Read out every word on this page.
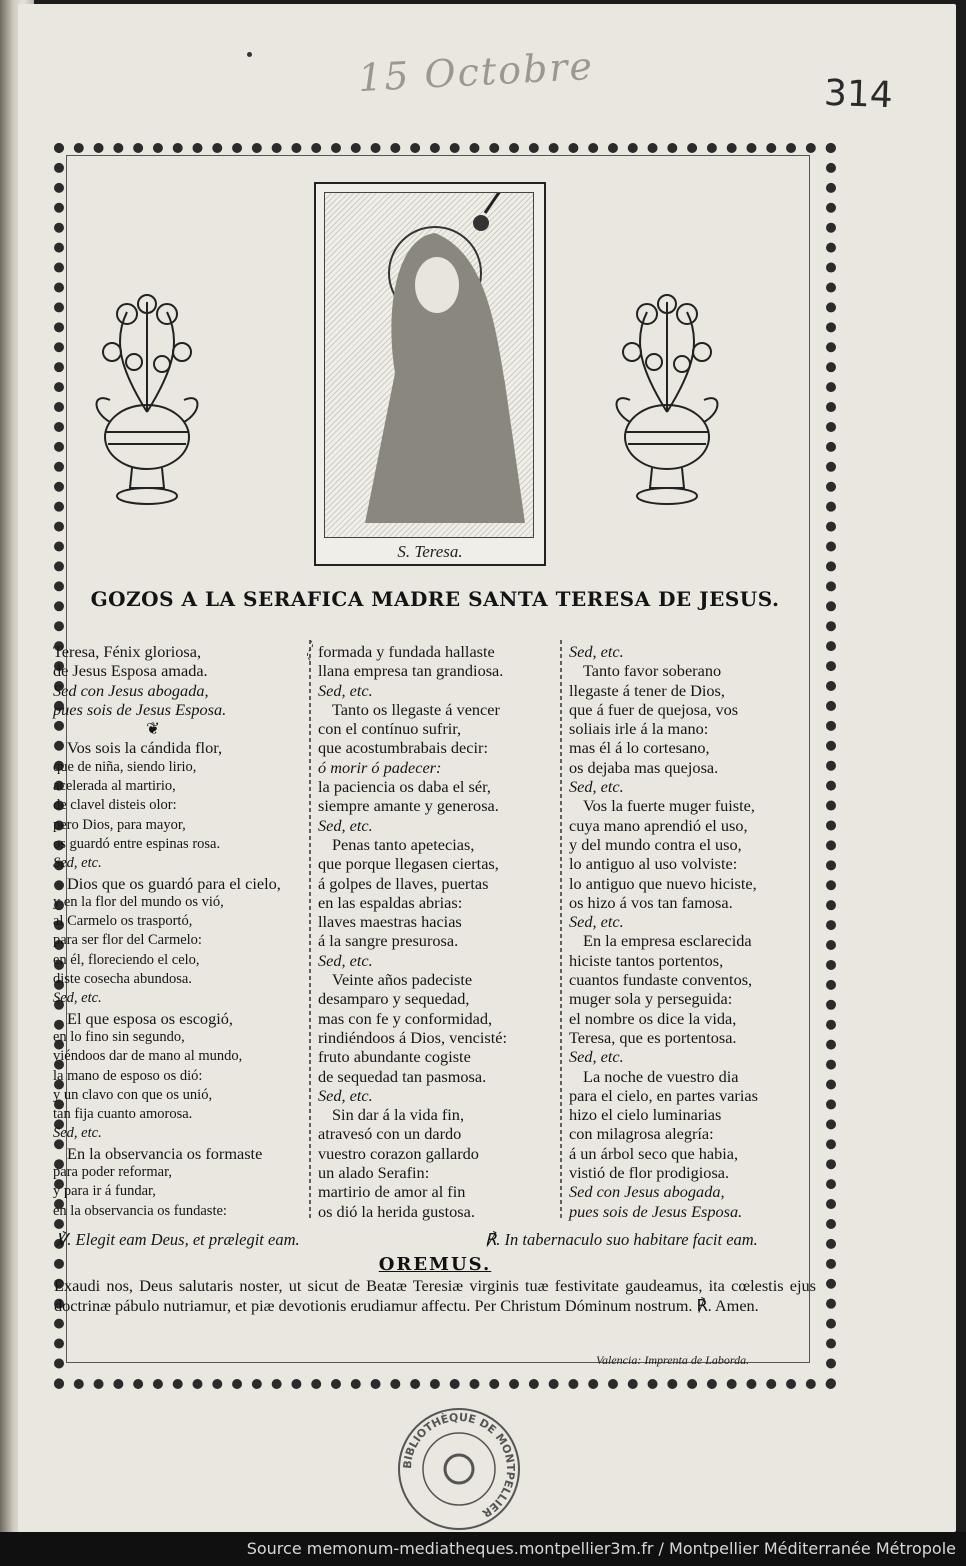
15 Octobre	314
S. Teresa.
GOZOS A LA SERAFICA MADRE SANTA TERESA DE JESUS.
Teresa, Fénix gloriosa,
de Jesus Esposa amada.
Sed con Jesus abogada,
pues sois de Jesus Esposa.
❦
Vos sois la cándida flor,
que de niña, siendo lirio,
acelerada al martirio,
de clavel disteis olor:
pero Dios, para mayor,
os guardó entre espinas rosa.
Sed, etc.
Dios que os guardó para el cielo,
y en la flor del mundo os vió,
al Carmelo os trasportó,
para ser flor del Carmelo:
en él, floreciendo el celo,
diste cosecha abundosa.
Sed, etc.
El que esposa os escogió,
en lo fino sin segundo,
viéndoos dar de mano al mundo,
la mano de esposo os dió:
y un clavo con que os unió,
tan fija cuanto amorosa.
Sed, etc.
En la observancia os formaste
para poder reformar,
y para ir á fundar,
en la observancia os fundaste:
formada y fundada hallaste
llana empresa tan grandiosa.
Sed, etc.
Tanto os llegaste á vencer
con el contínuo sufrir,
que acostumbrabais decir:
ó morir ó padecer:
la paciencia os daba el sér,
siempre amante y generosa.
Sed, etc.
Penas tanto apetecias,
que porque llegasen ciertas,
á golpes de llaves, puertas
en las espaldas abrias:
llaves maestras hacias
á la sangre presurosa.
Sed, etc.
Veinte años padeciste
desamparo y sequedad,
mas con fe y conformidad,
rindiéndoos á Dios, vencisté:
fruto abundante cogiste
de sequedad tan pasmosa.
Sed, etc.
Sin dar á la vida fin,
atravesó con un dardo
vuestro corazon gallardo
un alado Serafin:
martirio de amor al fin
os dió la herida gustosa.
Sed, etc.
Tanto favor soberano
llegaste á tener de Dios,
que á fuer de quejosa, vos
soliais irle á la mano:
mas él á lo cortesano,
os dejaba mas quejosa.
Sed, etc.
Vos la fuerte muger fuiste,
cuya mano aprendió el uso,
y del mundo contra el uso,
lo antiguo al uso volviste:
lo antiguo que nuevo hiciste,
os hizo á vos tan famosa.
Sed, etc.
En la empresa esclarecida
hiciste tantos portentos,
cuantos fundaste conventos,
muger sola y perseguida:
el nombre os dice la vida,
Teresa, que es portentosa.
Sed, etc.
La noche de vuestro dia
para el cielo, en partes varias
hizo el cielo luminarias
con milagrosa alegría:
á un árbol seco que habia,
vistió de flor prodigiosa.
Sed con Jesus abogada,
pues sois de Jesus Esposa.
℣. Elegit eam Deus, et prælegit eam.	℟. In tabernaculo suo habitare facit eam.
OREMUS.
Exaudi nos, Deus salutaris noster, ut sicut de Beatæ Teresiæ virginis tuæ festivitate gaudeamus, ita cœlestis ejus doctrinæ pábulo nutriamur, et piæ devotionis erudiamur affectu. Per Christum Dóminum nostrum. ℟. Amen.
Valencia: Imprenta de Laborda.
BIBLIOTHÈQUE DE MONTPELLIER
Source memonum-mediatheques.montpellier3m.fr / Montpellier Méditerranée Métropole
